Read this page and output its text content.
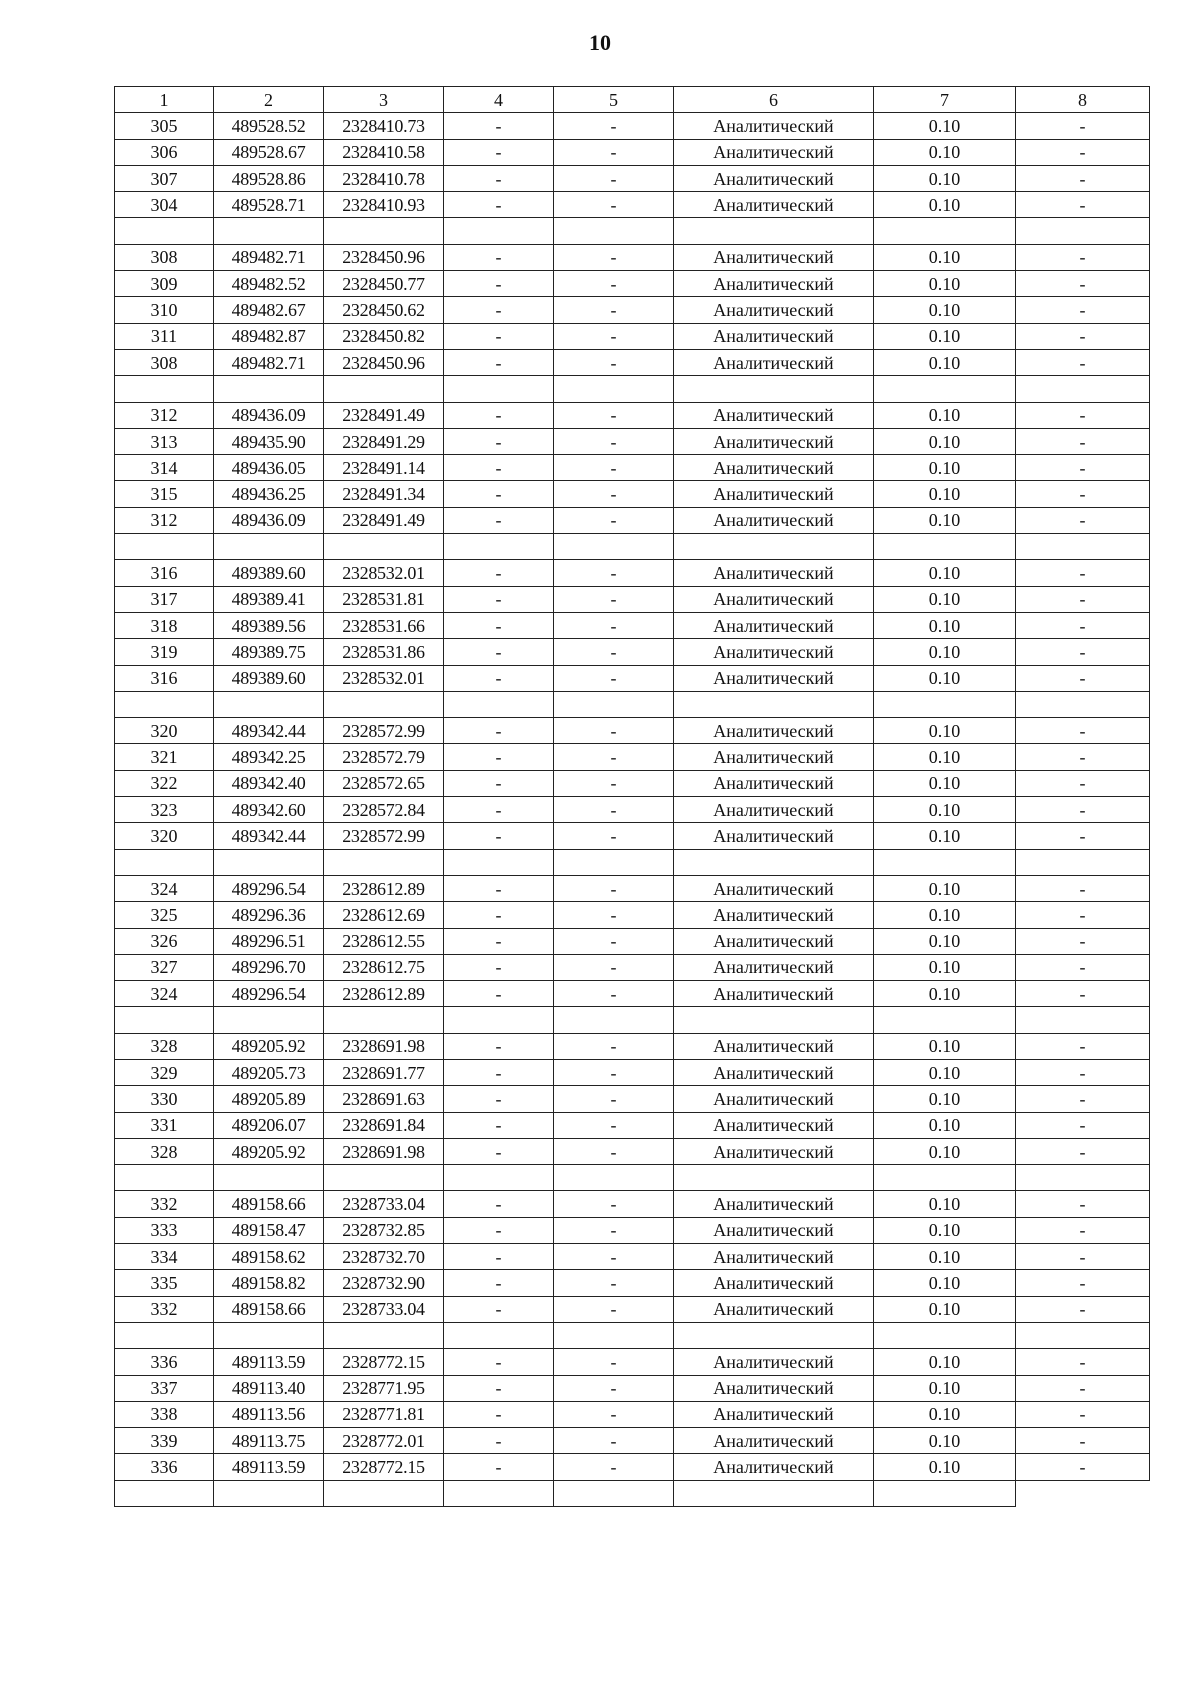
10
1	2	3	4	5	6	7	8
305	489528.52	2328410.73	-	-	Аналитический	0.10	-
306	489528.67	2328410.58	-	-	Аналитический	0.10	-
307	489528.86	2328410.78	-	-	Аналитический	0.10	-
304	489528.71	2328410.93	-	-	Аналитический	0.10	-

308	489482.71	2328450.96	-	-	Аналитический	0.10	-
309	489482.52	2328450.77	-	-	Аналитический	0.10	-
310	489482.67	2328450.62	-	-	Аналитический	0.10	-
311	489482.87	2328450.82	-	-	Аналитический	0.10	-
308	489482.71	2328450.96	-	-	Аналитический	0.10	-

312	489436.09	2328491.49	-	-	Аналитический	0.10	-
313	489435.90	2328491.29	-	-	Аналитический	0.10	-
314	489436.05	2328491.14	-	-	Аналитический	0.10	-
315	489436.25	2328491.34	-	-	Аналитический	0.10	-
312	489436.09	2328491.49	-	-	Аналитический	0.10	-

316	489389.60	2328532.01	-	-	Аналитический	0.10	-
317	489389.41	2328531.81	-	-	Аналитический	0.10	-
318	489389.56	2328531.66	-	-	Аналитический	0.10	-
319	489389.75	2328531.86	-	-	Аналитический	0.10	-
316	489389.60	2328532.01	-	-	Аналитический	0.10	-

320	489342.44	2328572.99	-	-	Аналитический	0.10	-
321	489342.25	2328572.79	-	-	Аналитический	0.10	-
322	489342.40	2328572.65	-	-	Аналитический	0.10	-
323	489342.60	2328572.84	-	-	Аналитический	0.10	-
320	489342.44	2328572.99	-	-	Аналитический	0.10	-

324	489296.54	2328612.89	-	-	Аналитический	0.10	-
325	489296.36	2328612.69	-	-	Аналитический	0.10	-
326	489296.51	2328612.55	-	-	Аналитический	0.10	-
327	489296.70	2328612.75	-	-	Аналитический	0.10	-
324	489296.54	2328612.89	-	-	Аналитический	0.10	-

328	489205.92	2328691.98	-	-	Аналитический	0.10	-
329	489205.73	2328691.77	-	-	Аналитический	0.10	-
330	489205.89	2328691.63	-	-	Аналитический	0.10	-
331	489206.07	2328691.84	-	-	Аналитический	0.10	-
328	489205.92	2328691.98	-	-	Аналитический	0.10	-

332	489158.66	2328733.04	-	-	Аналитический	0.10	-
333	489158.47	2328732.85	-	-	Аналитический	0.10	-
334	489158.62	2328732.70	-	-	Аналитический	0.10	-
335	489158.82	2328732.90	-	-	Аналитический	0.10	-
332	489158.66	2328733.04	-	-	Аналитический	0.10	-

336	489113.59	2328772.15	-	-	Аналитический	0.10	-
337	489113.40	2328771.95	-	-	Аналитический	0.10	-
338	489113.56	2328771.81	-	-	Аналитический	0.10	-
339	489113.75	2328772.01	-	-	Аналитический	0.10	-
336	489113.59	2328772.15	-	-	Аналитический	0.10	-
